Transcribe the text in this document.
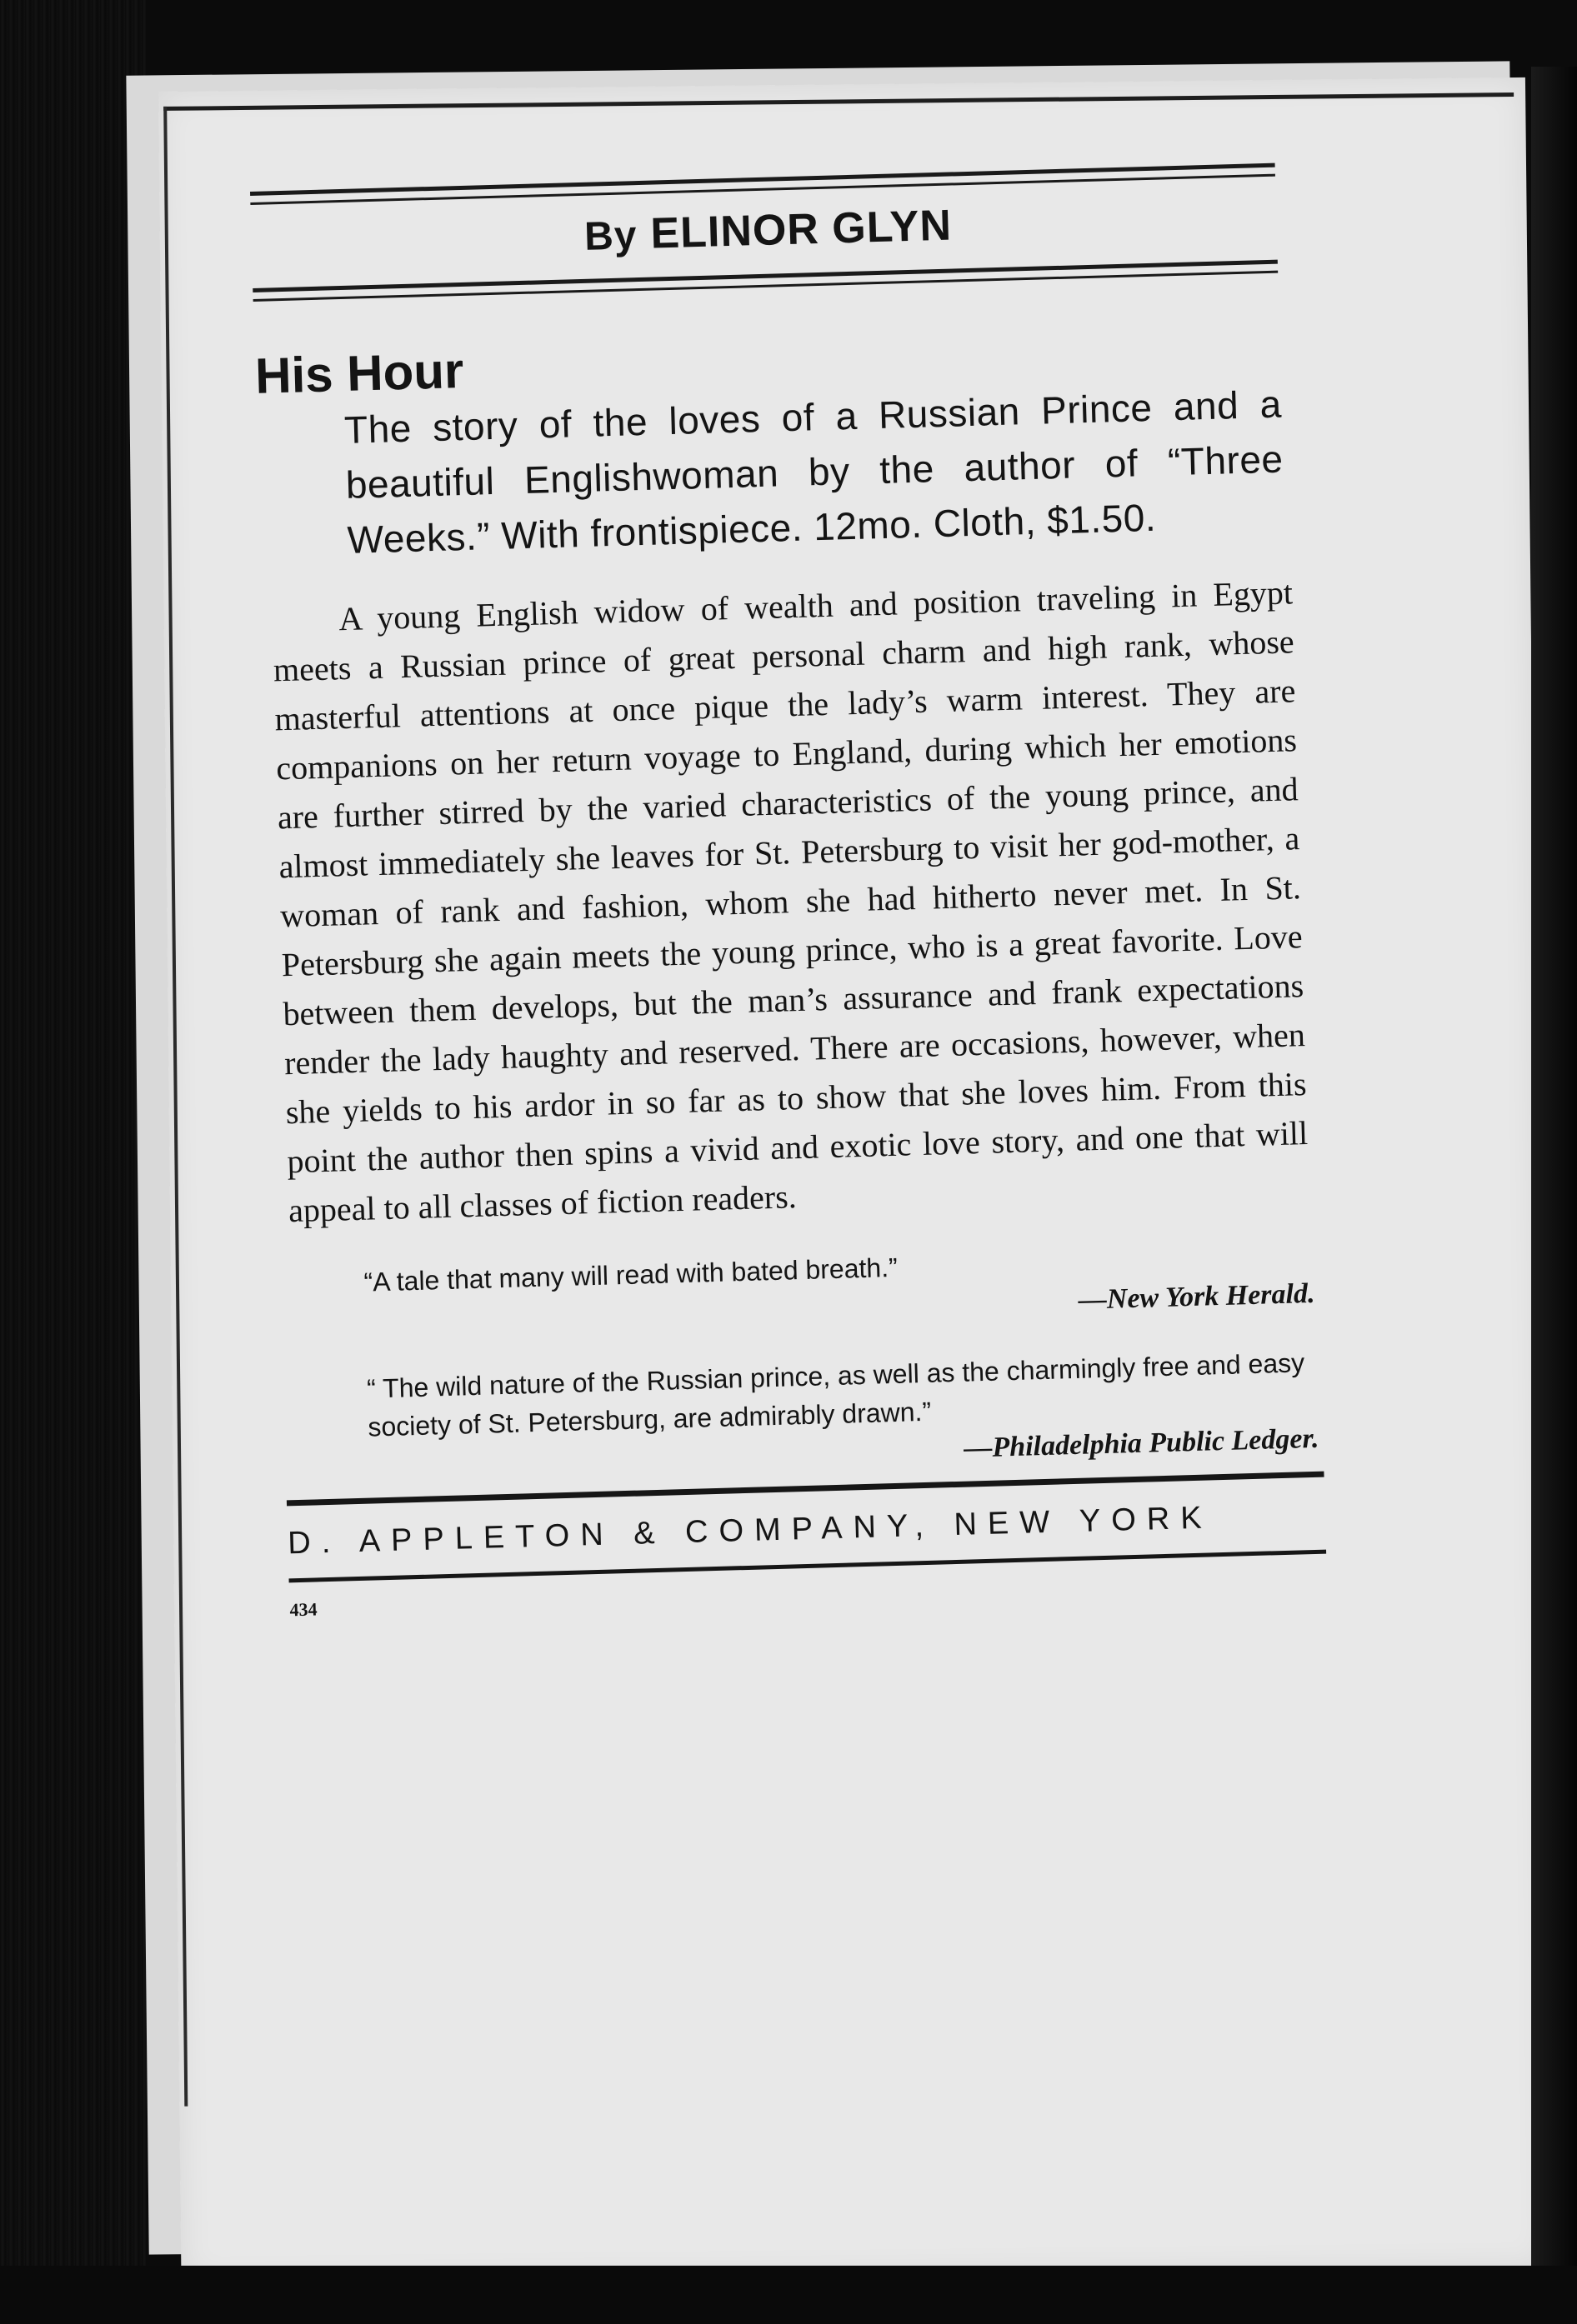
By ELINOR GLYN
His Hour
The story of the loves of a Russian Prince and a beautiful Englishwoman by the author of “Three Weeks.” With frontispiece. 12mo. Cloth, $1.50.
A young English widow of wealth and position traveling in Egypt meets a Russian prince of great personal charm and high rank, whose masterful attentions at once pique the lady’s warm interest. They are companions on her return voyage to England, during which her emotions are further stirred by the varied characteristics of the young prince, and almost immediately she leaves for St. Petersburg to visit her god-mother, a woman of rank and fashion, whom she had hitherto never met. In St. Petersburg she again meets the young prince, who is a great favorite. Love between them develops, but the man’s assurance and frank expectations render the lady haughty and reserved. There are occasions, however, when she yields to his ardor in so far as to show that she loves him. From this point the author then spins a vivid and exotic love story, and one that will appeal to all classes of fiction readers.
“A tale that many will read with bated breath.”	—New York Herald.
“ The wild nature of the Russian prince, as well as the charmingly free and easy society of St. Petersburg, are admirably drawn.”
—Philadelphia Public Ledger.
D. APPLETON & COMPANY, NEW YORK
434
